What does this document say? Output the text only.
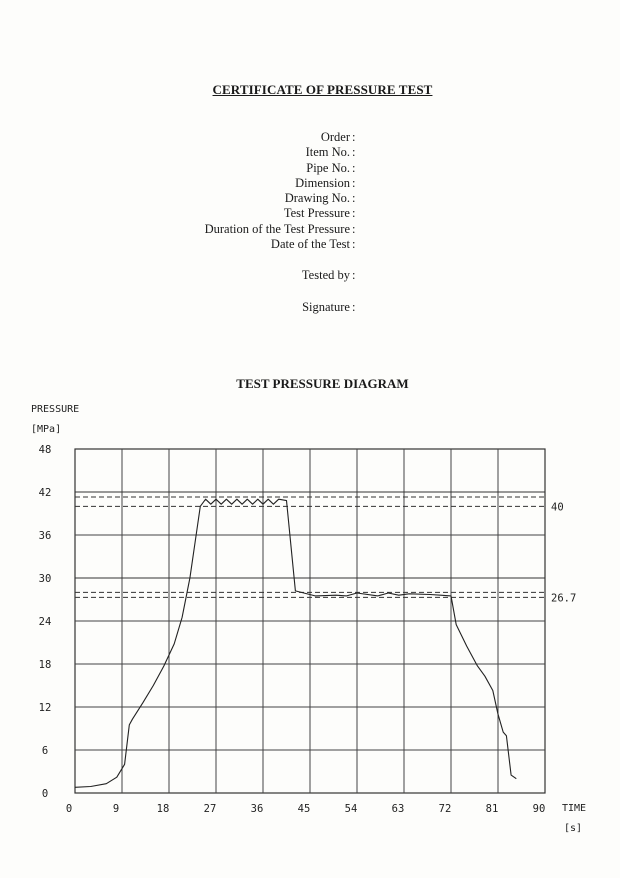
CERTIFICATE OF PRESSURE TEST
Order :
Item No. :
Pipe No. :
Dimension :
Drawing No. :
Test Pressure :
Duration of the Test Pressure :
Date of the Test :
Tested by :
Signature :
TEST PRESSURE DIAGRAM
PRESSURE
[MPa]
TIME
[s]
0	9	18	27	36	45	54	63	72	81	90
0
6
12
18
24
30
36
42
48
40
26.7
